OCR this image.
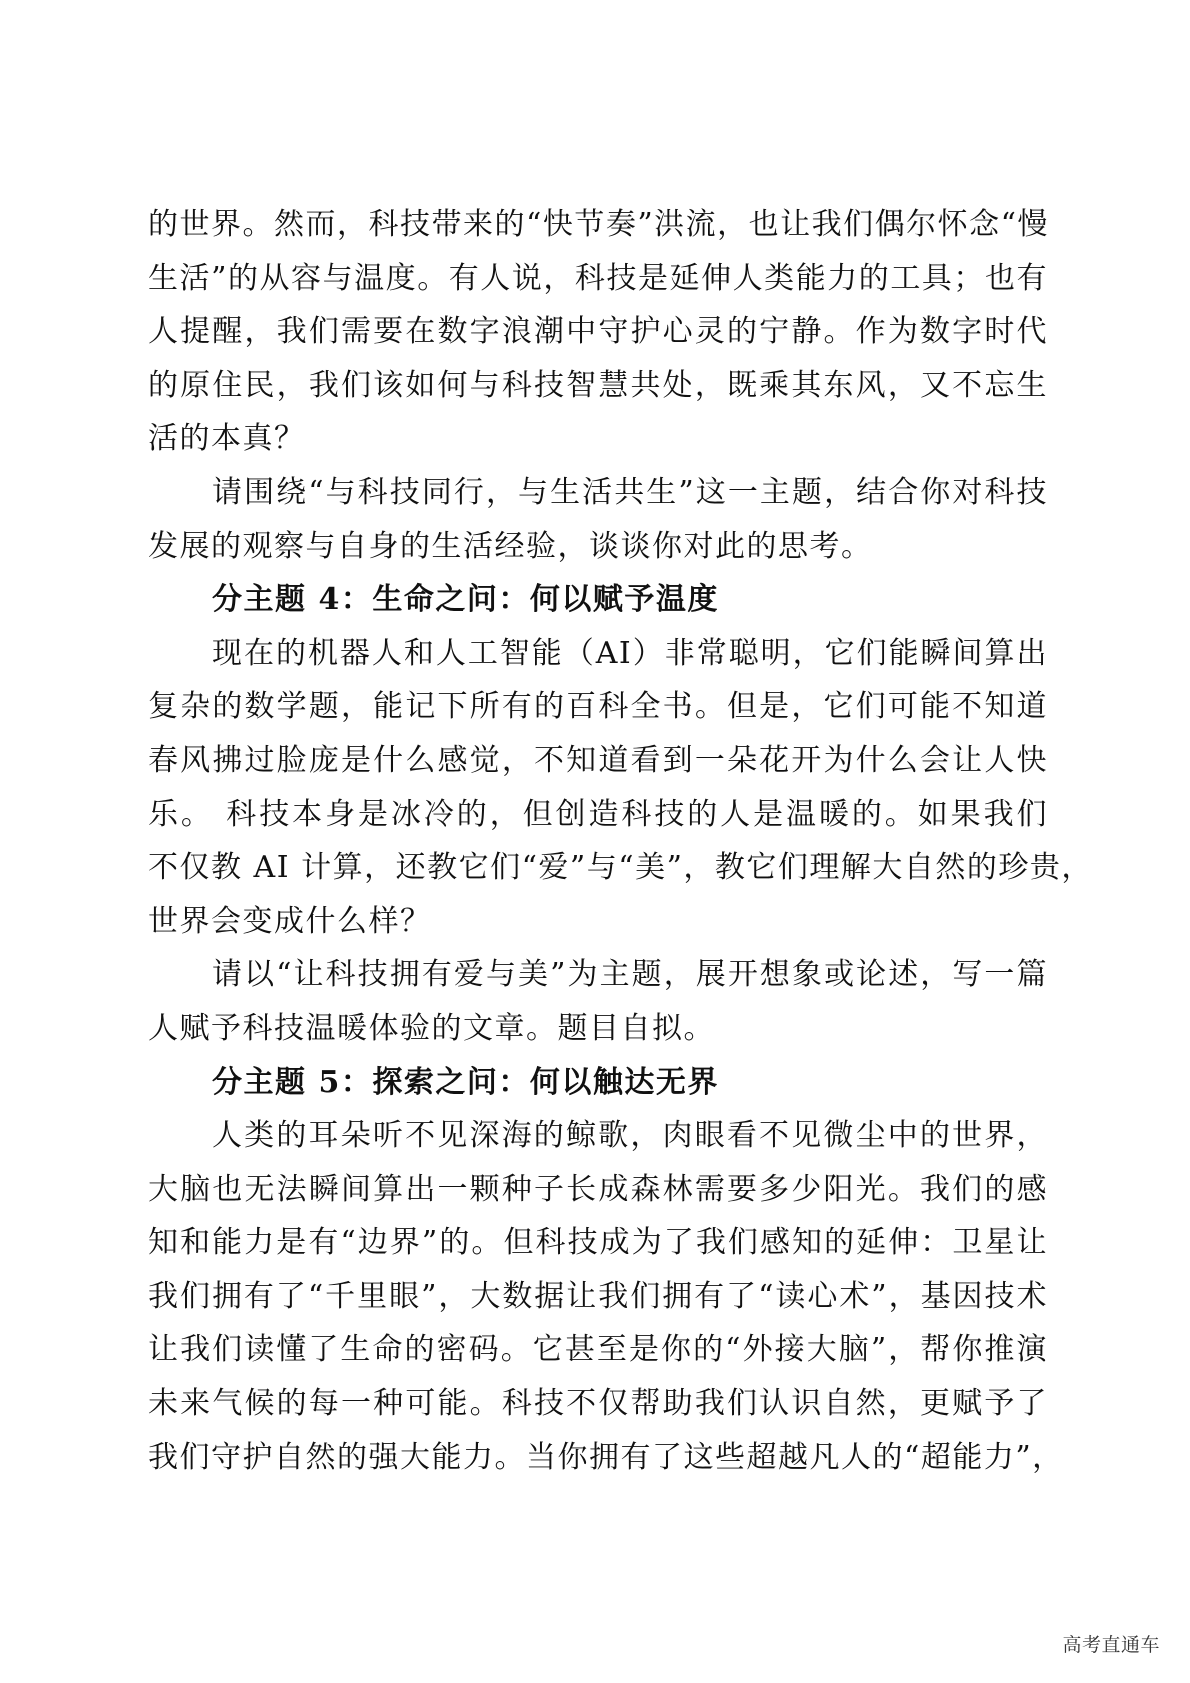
的世界。然而，科技带来的“快节奏”洪流，也让我们偶尔怀念“慢
生活”的从容与温度。有人说，科技是延伸人类能力的工具；也有
人提醒，我们需要在数字浪潮中守护心灵的宁静。作为数字时代
的原住民，我们该如何与科技智慧共处，既乘其东风，又不忘生
活的本真？
请围绕“与科技同行，与生活共生”这一主题，结合你对科技
发展的观察与自身的生活经验，谈谈你对此的思考。
分主题 4：生命之问：何以赋予温度
现在的机器人和人工智能（AI）非常聪明，它们能瞬间算出
复杂的数学题，能记下所有的百科全书。但是，它们可能不知道
春风拂过脸庞是什么感觉，不知道看到一朵花开为什么会让人快
乐。 科技本身是冰冷的，但创造科技的人是温暖的。如果我们
不仅教 AI 计算，还教它们“爱”与“美”，教它们理解大自然的珍贵，
世界会变成什么样？
请以“让科技拥有爱与美”为主题，展开想象或论述，写一篇
人赋予科技温暖体验的文章。题目自拟。
分主题 5：探索之问：何以触达无界
人类的耳朵听不见深海的鲸歌，肉眼看不见微尘中的世界，
大脑也无法瞬间算出一颗种子长成森林需要多少阳光。我们的感
知和能力是有“边界”的。但科技成为了我们感知的延伸：卫星让
我们拥有了“千里眼”，大数据让我们拥有了“读心术”，基因技术
让我们读懂了生命的密码。它甚至是你的“外接大脑”，帮你推演
未来气候的每一种可能。科技不仅帮助我们认识自然，更赋予了
我们守护自然的强大能力。当你拥有了这些超越凡人的“超能力”，
高考直通车
